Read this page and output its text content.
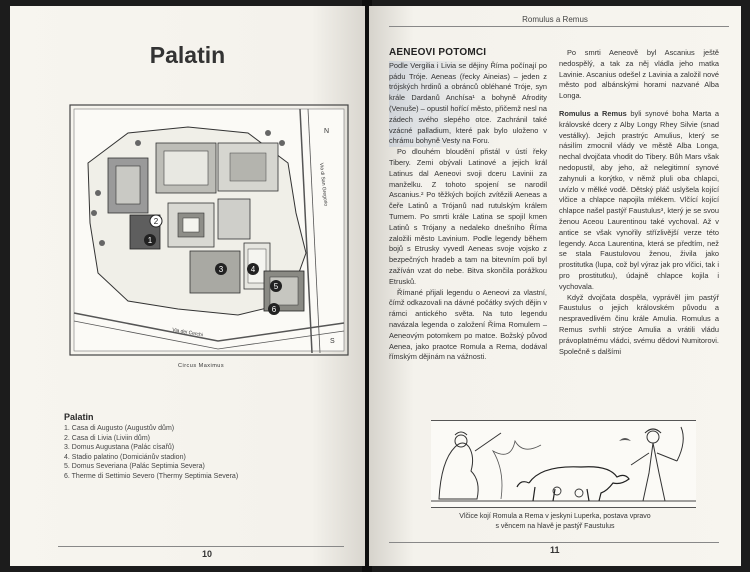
Palatin
1
2
3	4
5
6
Via dei Cerchi
Circus Maximus
Via di San Gregorio
N
S
Palatin
1. Casa di Augusto (Augustův dům)
2. Casa di Livia (Liviin dům)
3. Domus Augustana (Palác císařů)
4. Stadio palatino (Domiciánův stadion)
5. Domus Severiana (Palác Septimia Severa)
6. Therme di Settimio Severo (Thermy Septimia Severa)
10
Romulus a Remus
AENEOVI POTOMCI

Podle Vergilia i Livia se dějiny Říma počínají po pádu Tróje. Aeneas (řecky Aineias) – jeden z trójských hrdinů a obránců obléhané Tróje, syn krále Dardanů Anchísa¹ a bohyně Afrodity (Venuše) – opustil hořící město, přičemž nesl na zádech svého slepého otce. Zachránil také vzácné palladium, které pak bylo uloženo v chrámu bohyně Vesty na Foru.

Po dlouhém bloudění přistál v ústí řeky Tibery. Zemi obývali Latinové a jejich král Latinus dal Aeneovi svoji dceru Lavinii za manželku. Z tohoto spojení se narodil Ascanius.² Po těžkých bojích zvítězili Aeneas a čeře Latinů a Trójanů nad rutulským králem Turnem. Po smrti krále Latina se spojil kmen Latinů s Trójany a nedaleko dnešního Říma založili město Lavinium. Podle legendy během bojů s Etrusky vyvedl Aeneas svoje vojsko z bezpečných hradeb a tam na bitevním poli byl zažíván vzat do nebe. Bitva skončila porážkou Etrusků.

Římané přijali legendu o Aeneovi za vlastní, čímž odkazovali na dávné počátky svých dějin v rámci antického světa. Na tuto legendu navázala legenda o založení Říma Romulem – Aeneovým potomkem po matce. Božský původ Aenea, jako praotce Romula a Rema, dodával římským dějinám na vážnosti.

Po smrti Aeneově byl Ascanius ještě nedospělý, a tak za něj vládla jeho matka Lavinie. Ascanius odešel z Lavinia a založil nové město pod albánskými horami nazvané Alba Longa.

Romulus a Remus byli synové boha Marta a královské dcery z Alby Longy Rhey Silvie (snad vestálky). Jejich prastrýc Amulius, který se násilím zmocnil vlády ve městě Alba Longa, nechal dvojčata vhodit do Tibery. Bůh Mars však nedopustil, aby jeho, až nelegitimní synové zahynuli a korýtko, v němž pluli oba chlapci, uvízlo v mělké vodě. Dětský pláč uslyšela kojící vlčice a chlapce napojila mlékem. Vlčící kojící chlapce našel pastýř Faustulus³, který je se svou ženou Aceou Laurentinou také vychoval. Až v antice se však vynořily střízlivější verze této legendy. Acca Laurentina, která se předtím, než se stala Faustulovou ženou, živila jako prostitutka (lupa, což byl výraz jak pro vlčici, tak i pro prostitutku), údajně chlapce kojila i vychovala.

Když dvojčata dospěla, vyprávěl jim pastýř Faustulus o jejich královském původu a nespravedlivém činu krále Amulia. Romulus a Remus svrhli strýce Amulia a vrátili vládu právoplatnému vládci, svému dědovi Numitorovi. Společně s dalšími

Vlčice kojí Romula a Rema v jeskyni Luperka, postava vpravo
s věncem na hlavě je pastýř Faustulus
11
